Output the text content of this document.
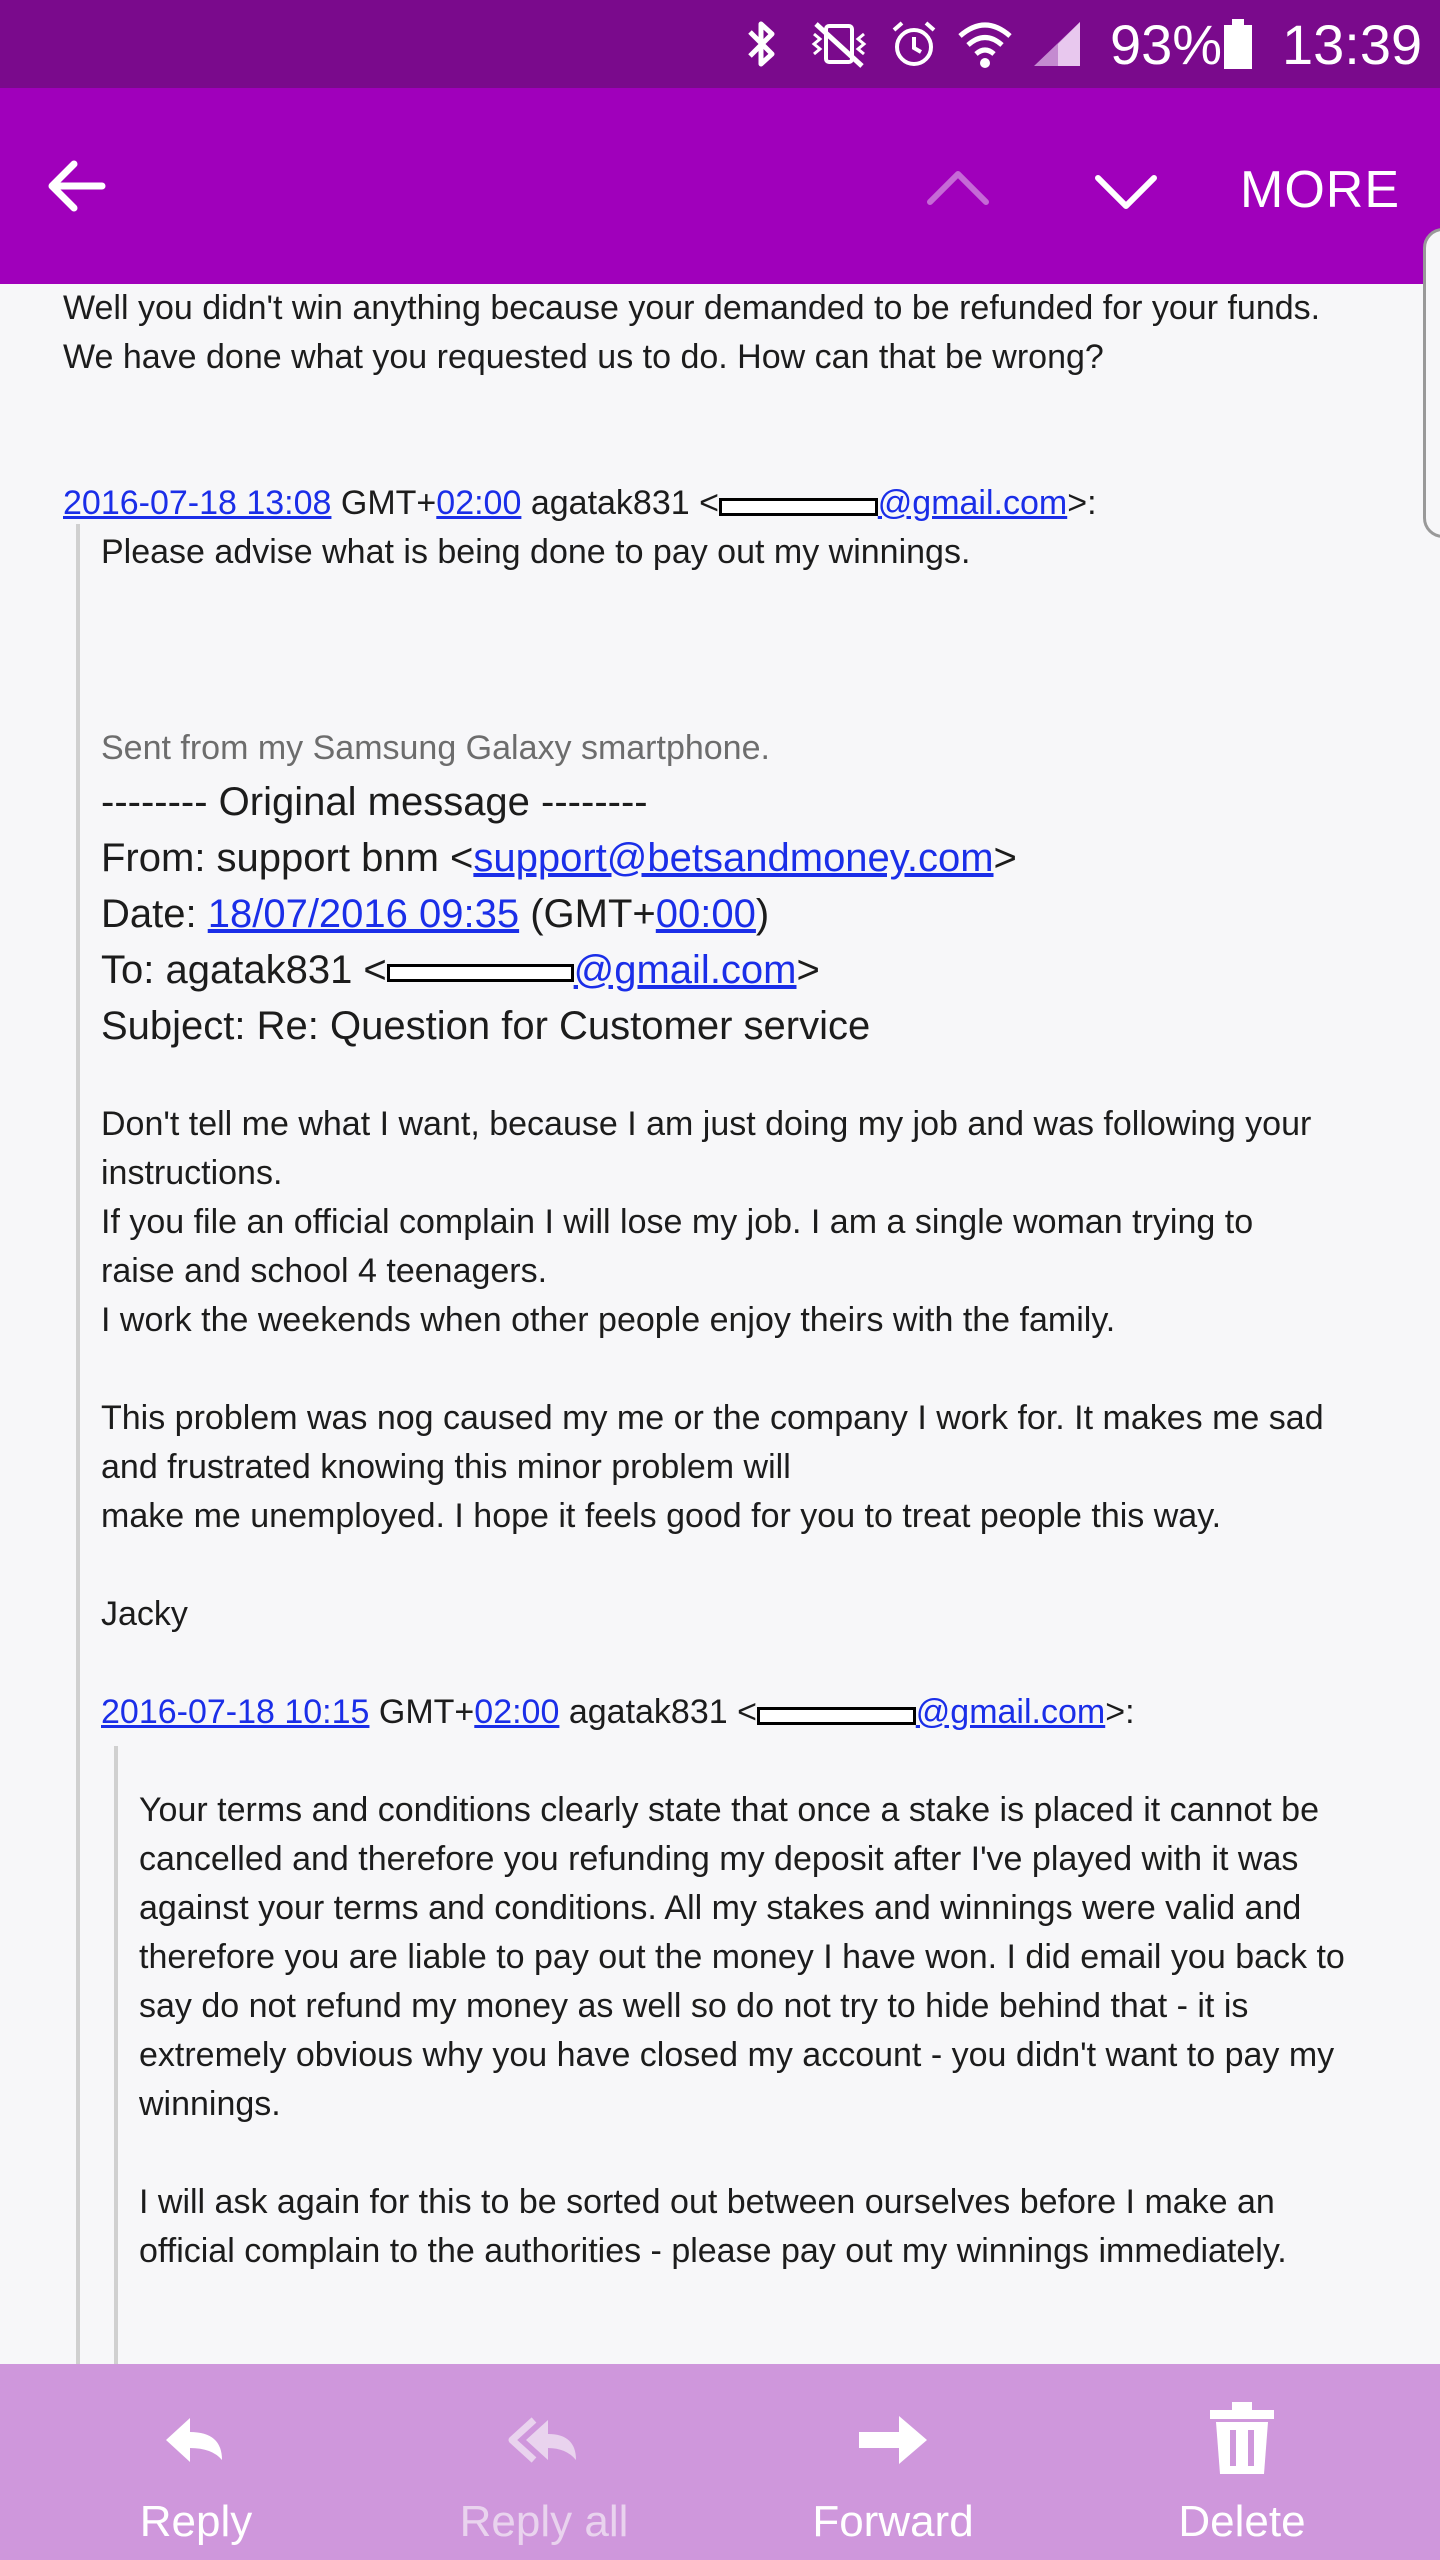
93% 13:39
MORE
Well you didn't win anything because your demanded to be refunded for your funds.
We have done what you requested us to do. How can that be wrong?
2016-07-18 13:08 GMT+02:00 agatak831 <	@gmail.com>:
Please advise what is being done to pay out my winnings.
Sent from my Samsung Galaxy smartphone.
-------- Original message --------
From: support bnm <support@betsandmoney.com>
Date: 18/07/2016 09:35 (GMT+00:00)
To: agatak831 <	@gmail.com>
Subject: Re: Question for Customer service
Don't tell me what I want, because I am just doing my job and was following your
instructions.
If you file an official complain I will lose my job. I am a single woman trying to
raise and school 4 teenagers.
I work the weekends when other people enjoy theirs with the family.
This problem was nog caused my me or the company I work for. It makes me sad
and frustrated knowing this minor problem will
make me unemployed. I hope it feels good for you to treat people this way.
Jacky
2016-07-18 10:15 GMT+02:00 agatak831 <	@gmail.com>:
Your terms and conditions clearly state that once a stake is placed it cannot be
cancelled and therefore you refunding my deposit after I've played with it was
against your terms and conditions. All my stakes and winnings were valid and
therefore you are liable to pay out the money I have won. I did email you back to
say do not refund my money as well so do not try to hide behind that - it is
extremely obvious why you have closed my account - you didn't want to pay my
winnings.
I will ask again for this to be sorted out between ourselves before I make an
official complain to the authorities - please pay out my winnings immediately.
Reply	Reply all	Forward	Delete
